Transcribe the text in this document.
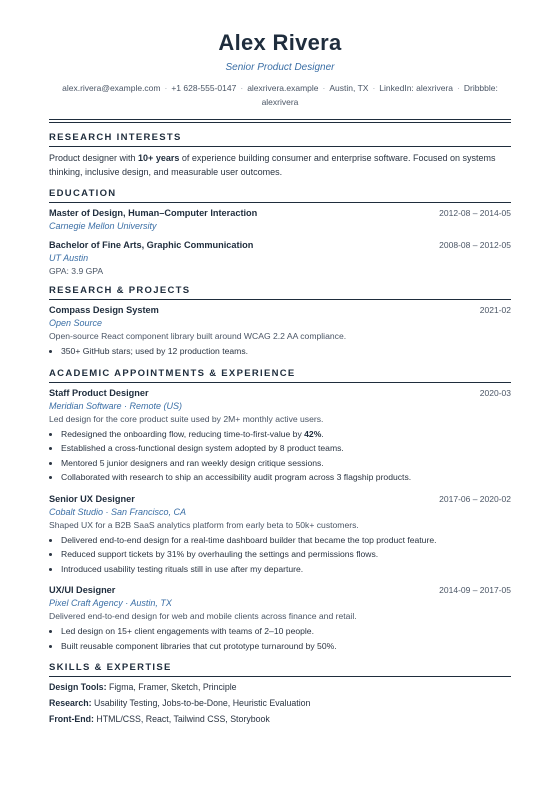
Alex Rivera
Senior Product Designer
alex.rivera@example.com · +1 628-555-0147 · alexrivera.example · Austin, TX · LinkedIn: alexrivera · Dribbble: alexrivera
RESEARCH INTERESTS
Product designer with 10+ years of experience building consumer and enterprise software. Focused on systems thinking, inclusive design, and measurable user outcomes.
EDUCATION
Master of Design, Human–Computer Interaction	2012-08 – 2014-05
Carnegie Mellon University
Bachelor of Fine Arts, Graphic Communication	2008-08 – 2012-05
UT Austin
GPA: 3.9 GPA
RESEARCH & PROJECTS
Compass Design System	2021-02
Open Source
Open-source React component library built around WCAG 2.2 AA compliance.
• 350+ GitHub stars; used by 12 production teams.
ACADEMIC APPOINTMENTS & EXPERIENCE
Staff Product Designer	2020-03
Meridian Software · Remote (US)
Led design for the core product suite used by 2M+ monthly active users.
• Redesigned the onboarding flow, reducing time-to-first-value by 42%.
• Established a cross-functional design system adopted by 8 product teams.
• Mentored 5 junior designers and ran weekly design critique sessions.
• Collaborated with research to ship an accessibility audit program across 3 flagship products.
Senior UX Designer	2017-06 – 2020-02
Cobalt Studio · San Francisco, CA
Shaped UX for a B2B SaaS analytics platform from early beta to 50k+ customers.
• Delivered end-to-end design for a real-time dashboard builder that became the top product feature.
• Reduced support tickets by 31% by overhauling the settings and permissions flows.
• Introduced usability testing rituals still in use after my departure.
UX/UI Designer	2014-09 – 2017-05
Pixel Craft Agency · Austin, TX
Delivered end-to-end design for web and mobile clients across finance and retail.
• Led design on 15+ client engagements with teams of 2–10 people.
• Built reusable component libraries that cut prototype turnaround by 50%.
SKILLS & EXPERTISE
Design Tools: Figma, Framer, Sketch, Principle
Research: Usability Testing, Jobs-to-be-Done, Heuristic Evaluation
Front-End: HTML/CSS, React, Tailwind CSS, Storybook
